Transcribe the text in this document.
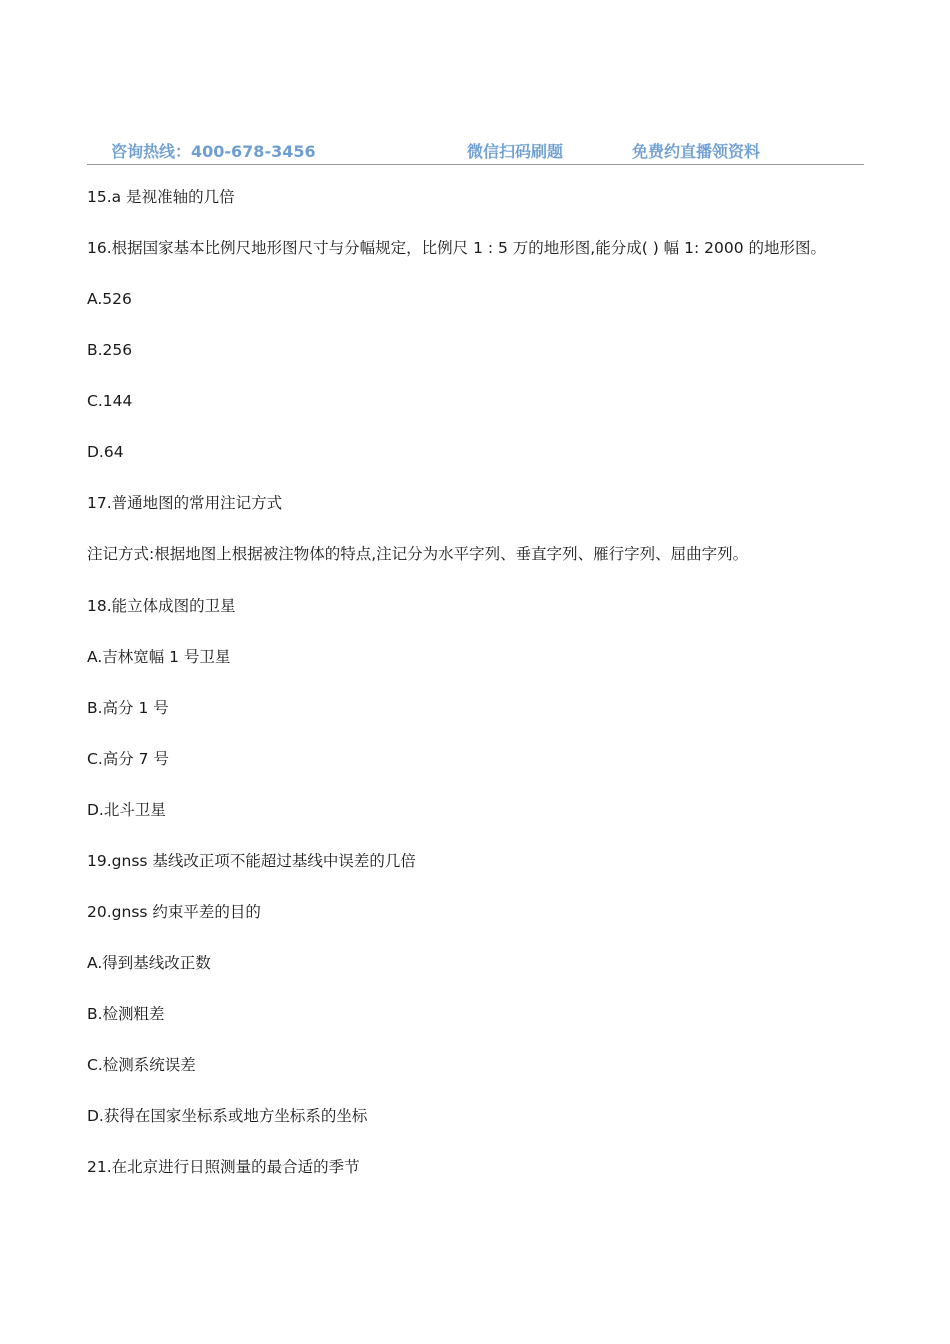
咨询热线：400-678-3456	微信扫码刷题	免费约直播领资料
15.a 是视准轴的几倍
16.根据国家基本比例尺地形图尺寸与分幅规定，比例尺 1 : 5 万的地形图,能分成( ) 幅 1: 2000 的地形图。
A.526
B.256
C.144
D.64
17.普通地图的常用注记方式
注记方式:根据地图上根据被注物体的特点,注记分为水平字列、垂直字列、雁行字列、屈曲字列。
18.能立体成图的卫星
A.吉林宽幅 1 号卫星
B.高分 1 号
C.高分 7 号
D.北斗卫星
19.gnss 基线改正项不能超过基线中误差的几倍
20.gnss 约束平差的目的
A.得到基线改正数
B.检测粗差
C.检测系统误差
D.获得在国家坐标系或地方坐标系的坐标
21.在北京进行日照测量的最合适的季节
